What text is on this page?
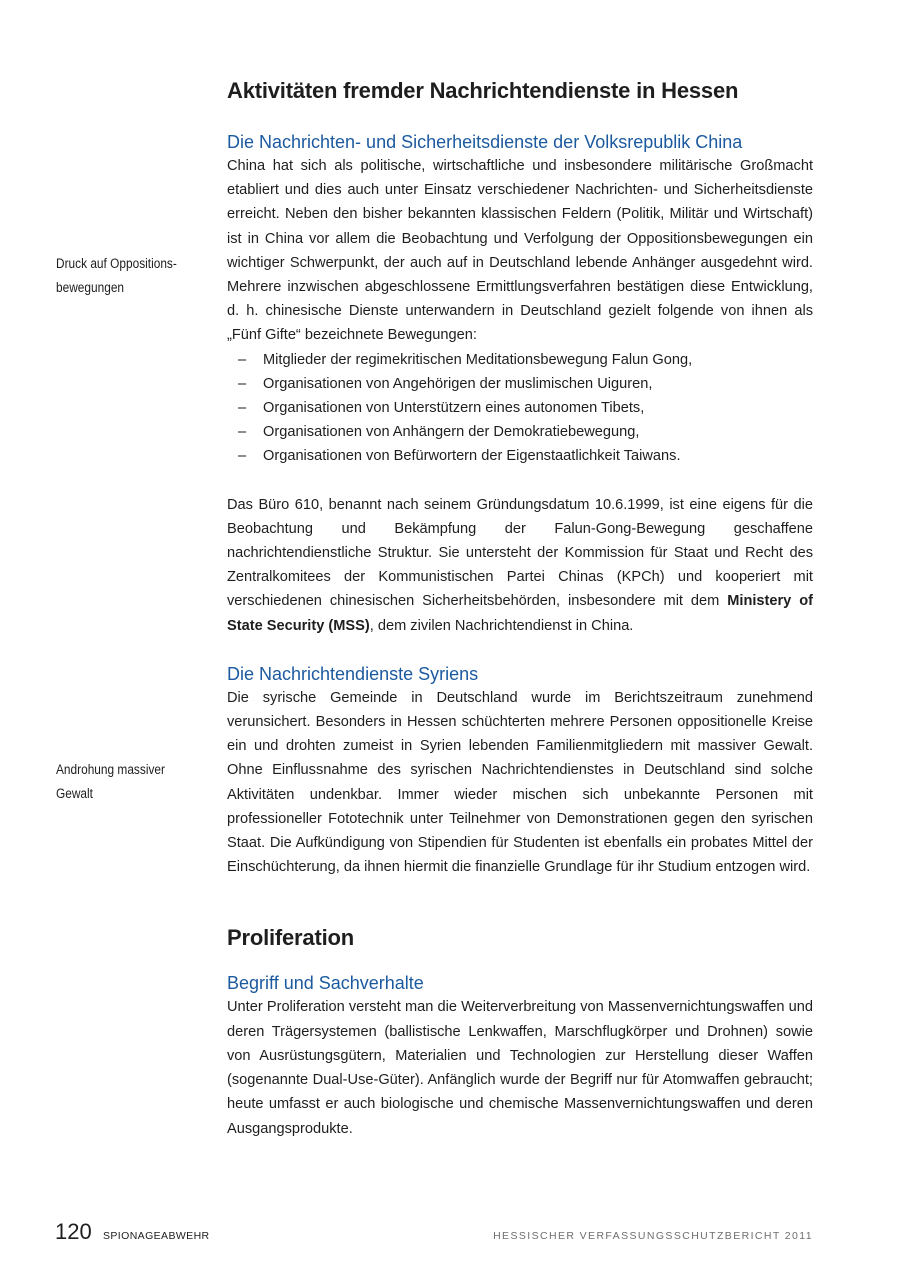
Aktivitäten fremder Nachrichtendienste in Hessen
Die Nachrichten- und Sicherheitsdienste der Volksrepublik China

China hat sich als politische, wirtschaftliche und insbesondere militärische Großmacht etabliert und dies auch unter Einsatz verschiedener Nachrichten- und Sicherheitsdienste erreicht. Neben den bisher bekannten klassischen Feldern (Politik, Militär und Wirtschaft) ist in China vor allem die Beobachtung und Verfolgung der Oppositionsbewegungen ein wichtiger Schwerpunkt, der auch auf in Deutschland lebende Anhänger ausgedehnt wird. Mehrere inzwischen abgeschlossene Ermittlungsverfahren bestätigen diese Entwicklung, d. h. chinesische Dienste unterwandern in Deutschland gezielt folgende von ihnen als „Fünf Gifte“ bezeichnete Bewegungen:

– Mitglieder der regimekritischen Meditationsbewegung Falun Gong,
– Organisationen von Angehörigen der muslimischen Uiguren,
– Organisationen von Unterstützern eines autonomen Tibets,
– Organisationen von Anhängern der Demokratiebewegung,
– Organisationen von Befürwortern der Eigenstaatlichkeit Taiwans.

Das Büro 610, benannt nach seinem Gründungsdatum 10.6.1999, ist eine eigens für die Beobachtung und Bekämpfung der Falun-Gong-Bewegung geschaffene nachrichtendienstliche Struktur. Sie untersteht der Kommission für Staat und Recht des Zentralkomitees der Kommunistischen Partei Chinas (KPCh) und kooperiert mit verschiedenen chinesischen Sicherheitsbehörden, insbesondere mit dem Ministery of State Security (MSS), dem zivilen Nachrichtendienst in China.

Die Nachrichtendienste Syriens

Die syrische Gemeinde in Deutschland wurde im Berichtszeitraum zunehmend verunsichert. Besonders in Hessen schüchterten mehrere Personen oppositionelle Kreise ein und drohten zumeist in Syrien lebenden Familienmitgliedern mit massiver Gewalt. Ohne Einflussnahme des syrischen Nachrichtendienstes in Deutschland sind solche Aktivitäten undenkbar. Immer wieder mischen sich unbekannte Personen mit professioneller Fototechnik unter Teilnehmer von Demonstrationen gegen den syrischen Staat. Die Aufkündigung von Stipendien für Studenten ist ebenfalls ein probates Mittel der Einschüchterung, da ihnen hiermit die finanzielle Grundlage für ihr Studium entzogen wird.

Proliferation
Begriff und Sachverhalte

Unter Proliferation versteht man die Weiterverbreitung von Massenvernichtungswaffen und deren Trägersystemen (ballistische Lenkwaffen, Marschflugkörper und Drohnen) sowie von Ausrüstungsgütern, Materialien und Technologien zur Herstellung dieser Waffen (sogenannte Dual-Use-Güter). Anfänglich wurde der Begriff nur für Atomwaffen gebraucht; heute umfasst er auch biologische und chemische Massenvernichtungswaffen und deren Ausgangsprodukte.

Druck auf Oppositions-
bewegungen
Androhung massiver Gewalt
120 SPIONAGEABWEHR	HESSISCHER VERFASSUNGSSCHUTZBERICHT 2011
